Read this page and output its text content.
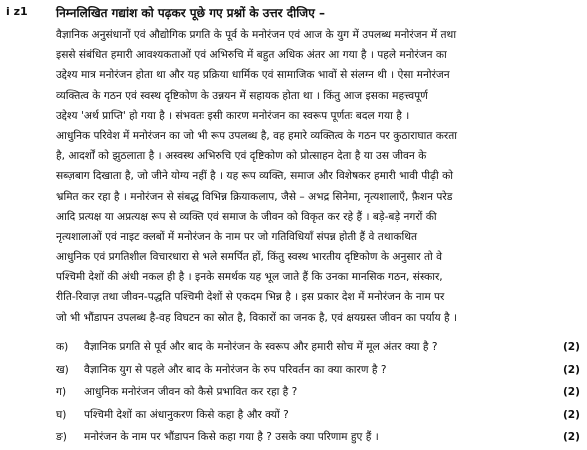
i z1 निम्नलिखित गद्यांश को पढ़कर पूछे गए प्रश्नों के उत्तर दीजिए –
वैज्ञानिक अनुसंधानों एवं औद्योगिक प्रगति के पूर्व के मनोरंजन एवं आज के युग में उपलब्ध मनोरंजन में तथा
इससे संबंधित हमारी आवश्यकताओं एवं अभिरुचि में बहुत अधिक अंतर आ गया है । पहले मनोरंजन का
उद्देश्य मात्र मनोरंजन होता था और यह प्रक्रिया धार्मिक एवं सामाजिक भावों से संलग्न थी । ऐसा मनोरंजन
व्यक्तित्व के गठन एवं स्वस्थ दृष्टिकोण के उन्नयन में सहायक होता था । किंतु आज इसका महत्त्वपूर्ण
उद्देश्य 'अर्थ प्राप्ति' हो गया है । संभवतः इसी कारण मनोरंजन का स्वरूप पूर्णतः बदल गया है ।
आधुनिक परिवेश में मनोरंजन का जो भी रूप उपलब्ध है, वह हमारे व्यक्तित्व के गठन पर कुठाराघात करता
है, आदर्शों को झुठलाता है । अस्वस्थ अभिरुचि एवं दृष्टिकोण को प्रोत्साहन देता है या उस जीवन के
सब्ज़बाग दिखाता है, जो जीने योग्य नहीं है । यह रूप व्यक्ति, समाज और विशेषकर हमारी भावी पीढ़ी को
भ्रमित कर रहा है । मनोरंजन से संबद्ध विभिन्न क्रियाकलाप, जैसे – अभद्र सिनेमा, नृत्यशालाएँ, फ़ैशन परेड
आदि प्रत्यक्ष या अप्रत्यक्ष रूप से व्यक्ति एवं समाज के जीवन को विकृत कर रहे हैं । बड़े-बड़े नगरों की
नृत्यशालाओं एवं नाइट क्लबों में मनोरंजन के नाम पर जो गतिविधियाँ संपन्न होती हैं वे तथाकथित
आधुनिक एवं प्रगतिशील विचारधारा से भले समर्पित हों, किंतु स्वस्थ भारतीय दृष्टिकोण के अनुसार तो वे
पश्चिमी देशों की अंधी नकल ही है । इनके समर्थक यह भूल जाते हैं कि उनका मानसिक गठन, संस्कार,
रीति-रिवाज़ तथा जीवन-पद्धति पश्चिमी देशों से एकदम भिन्न है । इस प्रकार देश में मनोरंजन के नाम पर
जो भी भौंडापन उपलब्ध है-वह विघटन का स्रोत है, विकारों का जनक है, एवं क्षयग्रस्त जीवन का पर्याय है ।
क) वैज्ञानिक प्रगति से पूर्व और बाद के मनोरंजन के स्वरूप और हमारी सोच में मूल अंतर क्या है ?	(2)
ख) वैज्ञानिक युग से पहले और बाद के मनोरंजन के रुप परिवर्तन का क्या कारण है ?	(2)
ग) आधुनिक मनोरंजन जीवन को कैसे प्रभावित कर रहा है ?	(2)
घ) पश्चिमी देशों का अंधानुकरण किसे कहा है और क्यों ?	(2)
ङ) मनोरंजन के नाम पर भौंडापन किसे कहा गया है ? उसके क्या परिणाम हुए हैं ।	(2)
